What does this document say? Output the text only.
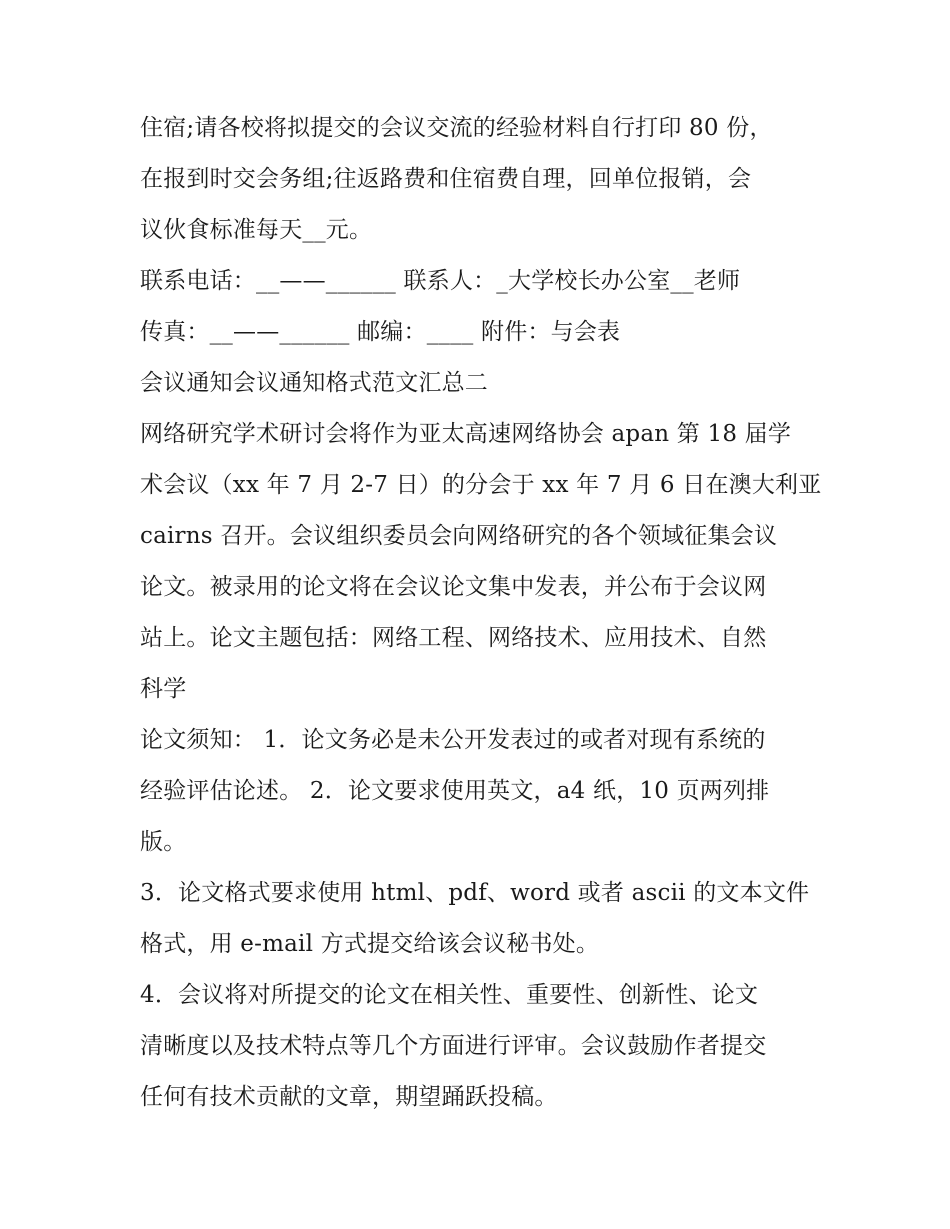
住宿;请各校将拟提交的会议交流的经验材料自行打印 80 份，
在报到时交会务组;往返路费和住宿费自理，回单位报销，会
议伙食标准每天__元。
联系电话：__——______ 联系人：_大学校长办公室__老师
传真：__——______ 邮编：____ 附件：与会表
会议通知会议通知格式范文汇总二
网络研究学术研讨会将作为亚太高速网络协会 apan 第 18 届学
术会议（xx 年 7 月 2-7 日）的分会于 xx 年 7 月 6 日在澳大利亚
cairns 召开。会议组织委员会向网络研究的各个领域征集会议
论文。被录用的论文将在会议论文集中发表，并公布于会议网
站上。论文主题包括：网络工程、网络技术、应用技术、自然
科学
论文须知： 1．论文务必是未公开发表过的或者对现有系统的
经验评估论述。 2．论文要求使用英文，a4 纸，10 页两列排
版。
3．论文格式要求使用 html、pdf、word 或者 ascii 的文本文件
格式，用 e-mail 方式提交给该会议秘书处。
4．会议将对所提交的论文在相关性、重要性、创新性、论文
清晰度以及技术特点等几个方面进行评审。会议鼓励作者提交
任何有技术贡献的文章，期望踊跃投稿。
